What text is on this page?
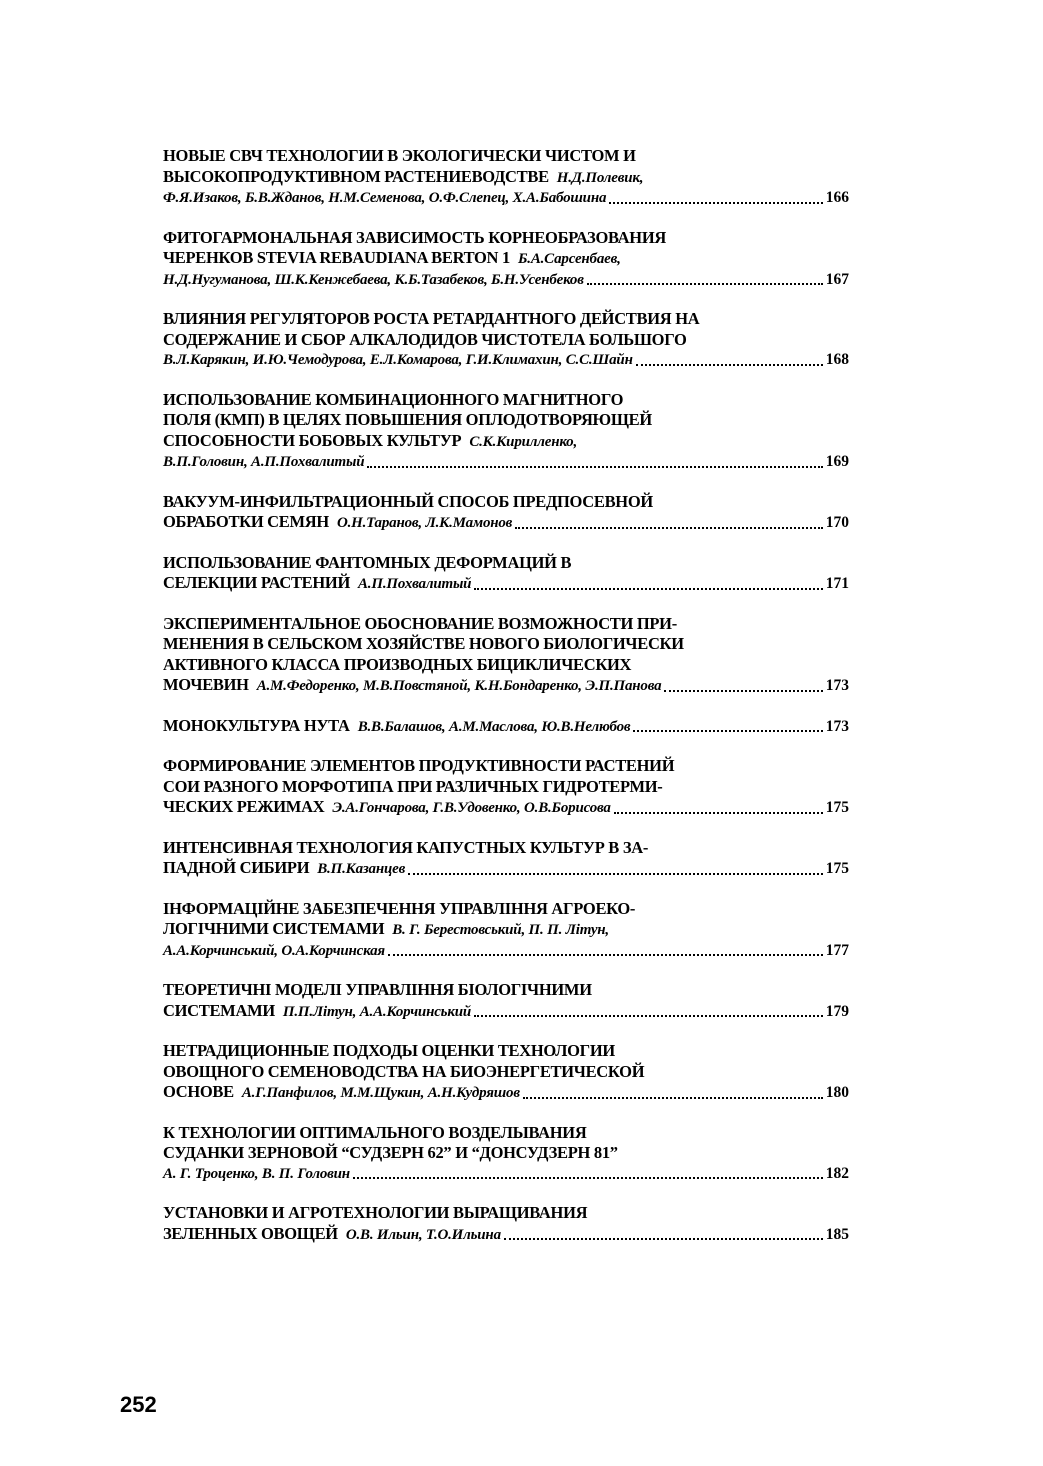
НОВЫЕ СВЧ ТЕХНОЛОГИИ В ЭКОЛОГИЧЕСКИ ЧИСТОМ И
ВЫСОКОПРОДУКТИВНОМ РАСТЕНИЕВОДСТВЕ Н.Д.Полевик,
Ф.Я.Изаков, Б.В.Жданов, Н.М.Семенова, О.Ф.Слепец, Х.А.Бабошина	166
ФИТОГАРМОНАЛЬНАЯ ЗАВИСИМОСТЬ КОРНЕОБРАЗОВАНИЯ
ЧЕРЕНКОВ STEVIA REBAUDIANA BERTON 1 Б.А.Сарсенбаев,
Н.Д.Нугуманова, Ш.К.Кенжебаева, К.Б.Тазабеков, Б.Н.Усенбеков	167
ВЛИЯНИЯ РЕГУЛЯТОРОВ РОСТА РЕТАРДАНТНОГО ДЕЙСТВИЯ НА
СОДЕРЖАНИЕ И СБОР АЛКАЛОДИДОВ ЧИСТОТЕЛА БОЛЬШОГО
В.Л.Карякин, И.Ю.Чемодурова, Е.Л.Комарова, Г.И.Климахин, С.С.Шайн	168
ИСПОЛЬЗОВАНИЕ КОМБИНАЦИОННОГО МАГНИТНОГО
ПОЛЯ (КМП) В ЦЕЛЯХ ПОВЫШЕНИЯ ОПЛОДОТВОРЯЮЩЕЙ
СПОСОБНОСТИ БОБОВЫХ КУЛЬТУР С.К.Кирилленко,
В.П.Головин, А.П.Похвалитый	169
ВАКУУМ-ИНФИЛЬТРАЦИОННЫЙ СПОСОБ ПРЕДПОСЕВНОЙ
ОБРАБОТКИ СЕМЯН О.Н.Таранов, Л.К.Мамонов	170
ИСПОЛЬЗОВАНИЕ ФАНТОМНЫХ ДЕФОРМАЦИЙ В
СЕЛЕКЦИИ РАСТЕНИЙ А.П.Похвалитый	171
ЭКСПЕРИМЕНТАЛЬНОЕ ОБОСНОВАНИЕ ВОЗМОЖНОСТИ ПРИ-
МЕНЕНИЯ В СЕЛЬСКОМ ХОЗЯЙСТВЕ НОВОГО БИОЛОГИЧЕСКИ
АКТИВНОГО КЛАССА ПРОИЗВОДНЫХ БИЦИКЛИЧЕСКИХ
МОЧЕВИН А.М.Федоренко, М.В.Повстяной, К.Н.Бондаренко, Э.П.Панова	173
МОНОКУЛЬТУРА НУТА В.В.Балашов, А.М.Маслова, Ю.В.Нелюбов	173
ФОРМИРОВАНИЕ ЭЛЕМЕНТОВ ПРОДУКТИВНОСТИ РАСТЕНИЙ
СОИ РАЗНОГО МОРФОТИПА ПРИ РАЗЛИЧНЫХ ГИДРОТЕРМИ-
ЧЕСКИХ РЕЖИМАХ Э.А.Гончарова, Г.В.Удовенко, О.В.Борисова	175
ИНТЕНСИВНАЯ ТЕХНОЛОГИЯ КАПУСТНЫХ КУЛЬТУР В ЗА-
ПАДНОЙ СИБИРИ В.П.Казанцев	175
ІНФОРМАЦІЙНЕ ЗАБЕЗПЕЧЕННЯ УПРАВЛІННЯ АГРОЕКО-
ЛОГІЧНИМИ СИСТЕМАМИ В. Г. Берестовський, П. П. Літун,
А.А.Корчинський, О.А.Корчинская	177
ТЕОРЕТИЧНІ МОДЕЛІ УПРАВЛІННЯ БІОЛОГІЧНИМИ
СИСТЕМАМИ П.П.Літун, А.А.Корчинський	179
НЕТРАДИЦИОННЫЕ ПОДХОДЫ ОЦЕНКИ ТЕХНОЛОГИИ
ОВОЩНОГО СЕМЕНОВОДСТВА НА БИОЭНЕРГЕТИЧЕСКОЙ
ОСНОВЕ А.Г.Панфилов, М.М.Щукин, А.Н.Кудряшов	180
К ТЕХНОЛОГИИ ОПТИМАЛЬНОГО ВОЗДЕЛЫВАНИЯ
СУДАНКИ ЗЕРНОВОЙ “СУДЗЕРН 62” И “ДОНСУДЗЕРН 81”
А. Г. Троценко, В. П. Головин	182
УСТАНОВКИ И АГРОТЕХНОЛОГИИ ВЫРАЩИВАНИЯ
ЗЕЛЕННЫХ ОВОЩЕЙ О.В. Ильин, Т.О.Ильина	185
252
